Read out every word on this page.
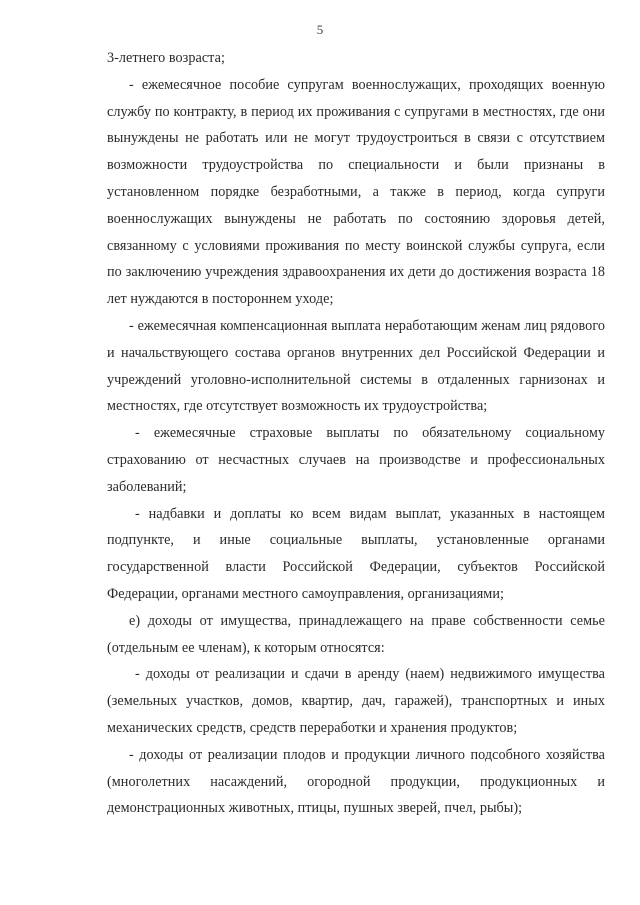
5

3-летнего возраста;

- ежемесячное пособие супругам военнослужащих, проходящих военную службу по контракту, в период их проживания с супругами в местностях, где они вынуждены не работать или не могут трудоустроиться в связи с отсутствием возможности трудоустройства по специальности и были признаны в установленном порядке безработными, а также в период, когда супруги военнослужащих вынуждены не работать по состоянию здоровья детей, связанному с условиями проживания по месту воинской службы супруга, если по заключению учреждения здравоохранения их дети до достижения возраста 18 лет нуждаются в постороннем уходе;

- ежемесячная компенсационная выплата неработающим женам лиц рядового и начальствующего состава органов внутренних дел Российской Федерации и учреждений уголовно-исполнительной системы в отдаленных гарнизонах и местностях, где отсутствует возможность их трудоустройства;

- ежемесячные страховые выплаты по обязательному социальному страхованию от несчастных случаев на производстве и профессиональных заболеваний;

- надбавки и доплаты ко всем видам выплат, указанных в настоящем подпункте, и иные социальные выплаты, установленные органами государственной власти Российской Федерации, субъектов Российской Федерации, органами местного самоуправления, организациями;

е) доходы от имущества, принадлежащего на праве собственности семье (отдельным ее членам), к которым относятся:

- доходы от реализации и сдачи в аренду (наем) недвижимого имущества (земельных участков, домов, квартир, дач, гаражей), транспортных и иных механических средств, средств переработки и хранения продуктов;

- доходы от реализации плодов и продукции личного подсобного хозяйства (многолетних насаждений, огородной продукции, продукционных и демонстрационных животных, птицы, пушных зверей, пчел, рыбы);
